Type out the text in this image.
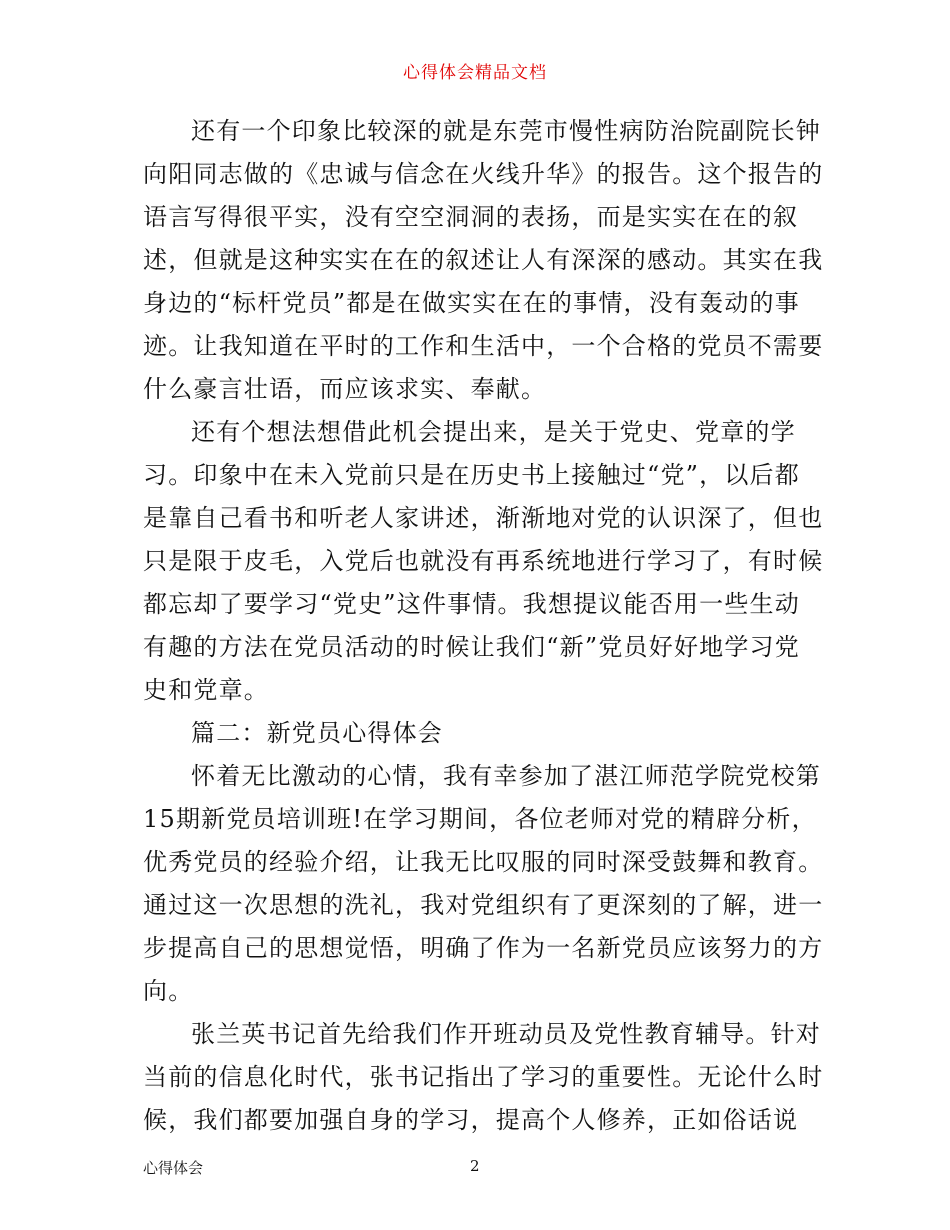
心得体会精品文档
还有一个印象比较深的就是东莞市慢性病防治院副院长钟
向阳同志做的《忠诚与信念在火线升华》的报告。这个报告的
语言写得很平实，没有空空洞洞的表扬，而是实实在在的叙
述，但就是这种实实在在的叙述让人有深深的感动。其实在我
身边的“标杆党员”都是在做实实在在的事情，没有轰动的事
迹。让我知道在平时的工作和生活中，一个合格的党员不需要
什么豪言壮语，而应该求实、奉献。
还有个想法想借此机会提出来，是关于党史、党章的学
习。印象中在未入党前只是在历史书上接触过“党”，以后都
是靠自己看书和听老人家讲述，渐渐地对党的认识深了，但也
只是限于皮毛，入党后也就没有再系统地进行学习了，有时候
都忘却了要学习“党史”这件事情。我想提议能否用一些生动
有趣的方法在党员活动的时候让我们“新”党员好好地学习党
史和党章。
篇二：新党员心得体会
怀着无比激动的心情，我有幸参加了湛江师范学院党校第
15期新党员培训班!在学习期间，各位老师对党的精辟分析，
优秀党员的经验介绍，让我无比叹服的同时深受鼓舞和教育。
通过这一次思想的洗礼，我对党组织有了更深刻的了解，进一
步提高自己的思想觉悟，明确了作为一名新党员应该努力的方
向。
张兰英书记首先给我们作开班动员及党性教育辅导。针对
当前的信息化时代，张书记指出了学习的重要性。无论什么时
候，我们都要加强自身的学习，提高个人修养，正如俗话说
心得体会	2
